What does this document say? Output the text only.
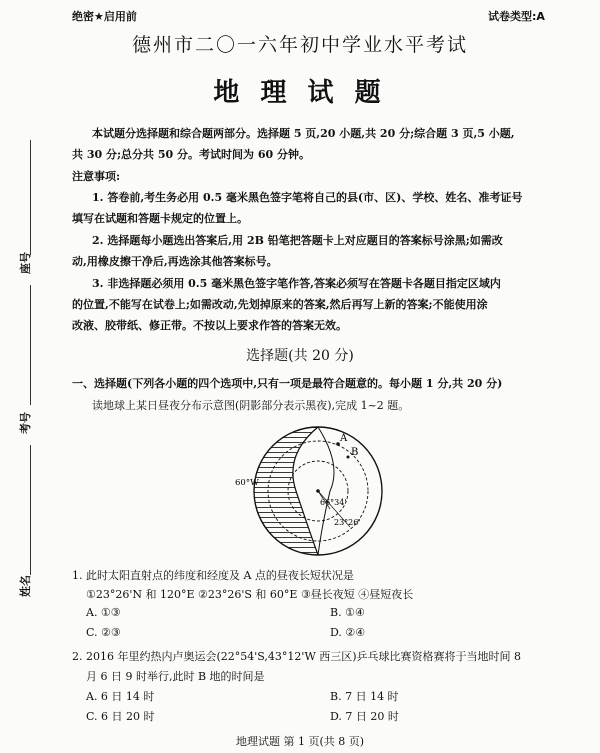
绝密★启用前	试卷类型:A
德州市二〇一六年初中学业水平考试
地 理 试 题
座号
考号
姓名
本试题分选择题和综合题两部分。选择题 5 页,20 小题,共 20 分;综合题 3 页,5 小题,
共 30 分;总分共 50 分。考试时间为 60 分钟。
注意事项:
1. 答卷前,考生务必用 0.5 毫米黑色签字笔将自己的县(市、区)、学校、姓名、准考证号
填写在试题和答题卡规定的位置上。
2. 选择题每小题选出答案后,用 2B 铅笔把答题卡上对应题目的答案标号涂黑;如需改
动,用橡皮擦干净后,再选涂其他答案标号。
3. 非选择题必须用 0.5 毫米黑色签字笔作答,答案必须写在答题卡各题目指定区域内
的位置,不能写在试卷上;如需改动,先划掉原来的答案,然后再写上新的答案;不能使用涂
改液、胶带纸、修正带。不按以上要求作答的答案无效。
选择题(共 20 分)
一、选择题(下列各小题的四个选项中,只有一项是最符合题意的。每小题 1 分,共 20 分)
读地球上某日昼夜分布示意图(阴影部分表示黑夜),完成 1~2 题。
A
B
60°W
66°34'
23°26'
1. 此时太阳直射点的纬度和经度及 A 点的昼夜长短状况是
①23°26'N 和 120°E ②23°26'S 和 60°E ③昼长夜短 ④昼短夜长
A. ①③	B. ①④
C. ②③	D. ②④
2. 2016 年里约热内卢奥运会(22°54'S,43°12'W 西三区)乒乓球比赛资格赛将于当地时间 8
月 6 日 9 时举行,此时 B 地的时间是
A. 6 日 14 时	B. 7 日 14 时
C. 6 日 20 时	D. 7 日 20 时
地理试题 第 1 页(共 8 页)
